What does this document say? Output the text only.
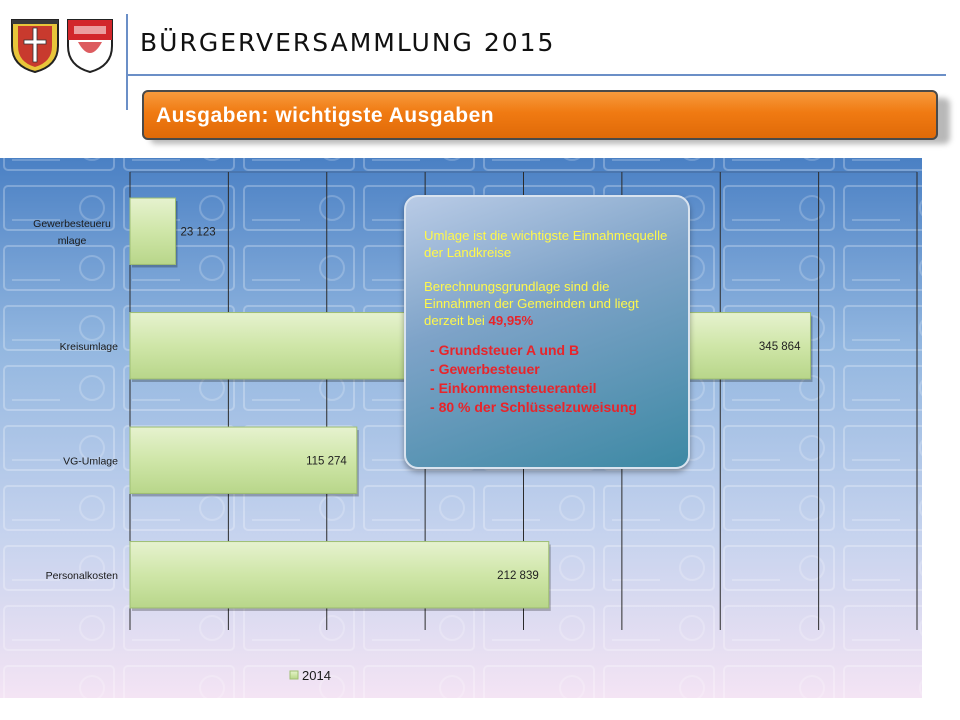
BÜRGERVERSAMMLUNG 2015
Ausgaben: wichtigste Ausgaben
Gewerbesteueru
mlage
Kreisumlage
VG-Umlage
Personalkosten
23 123
345 864
115 274
212 839
2014

Umlage ist die wichtigste Einnahmequelle der Landkreise

Berechnungsgrundlage sind die Einnahmen der Gemeinden und liegt derzeit bei 49,95%

- Grundsteuer A und B
- Gewerbesteuer
- Einkommensteueranteil
- 80 % der Schlüsselzuweisung
